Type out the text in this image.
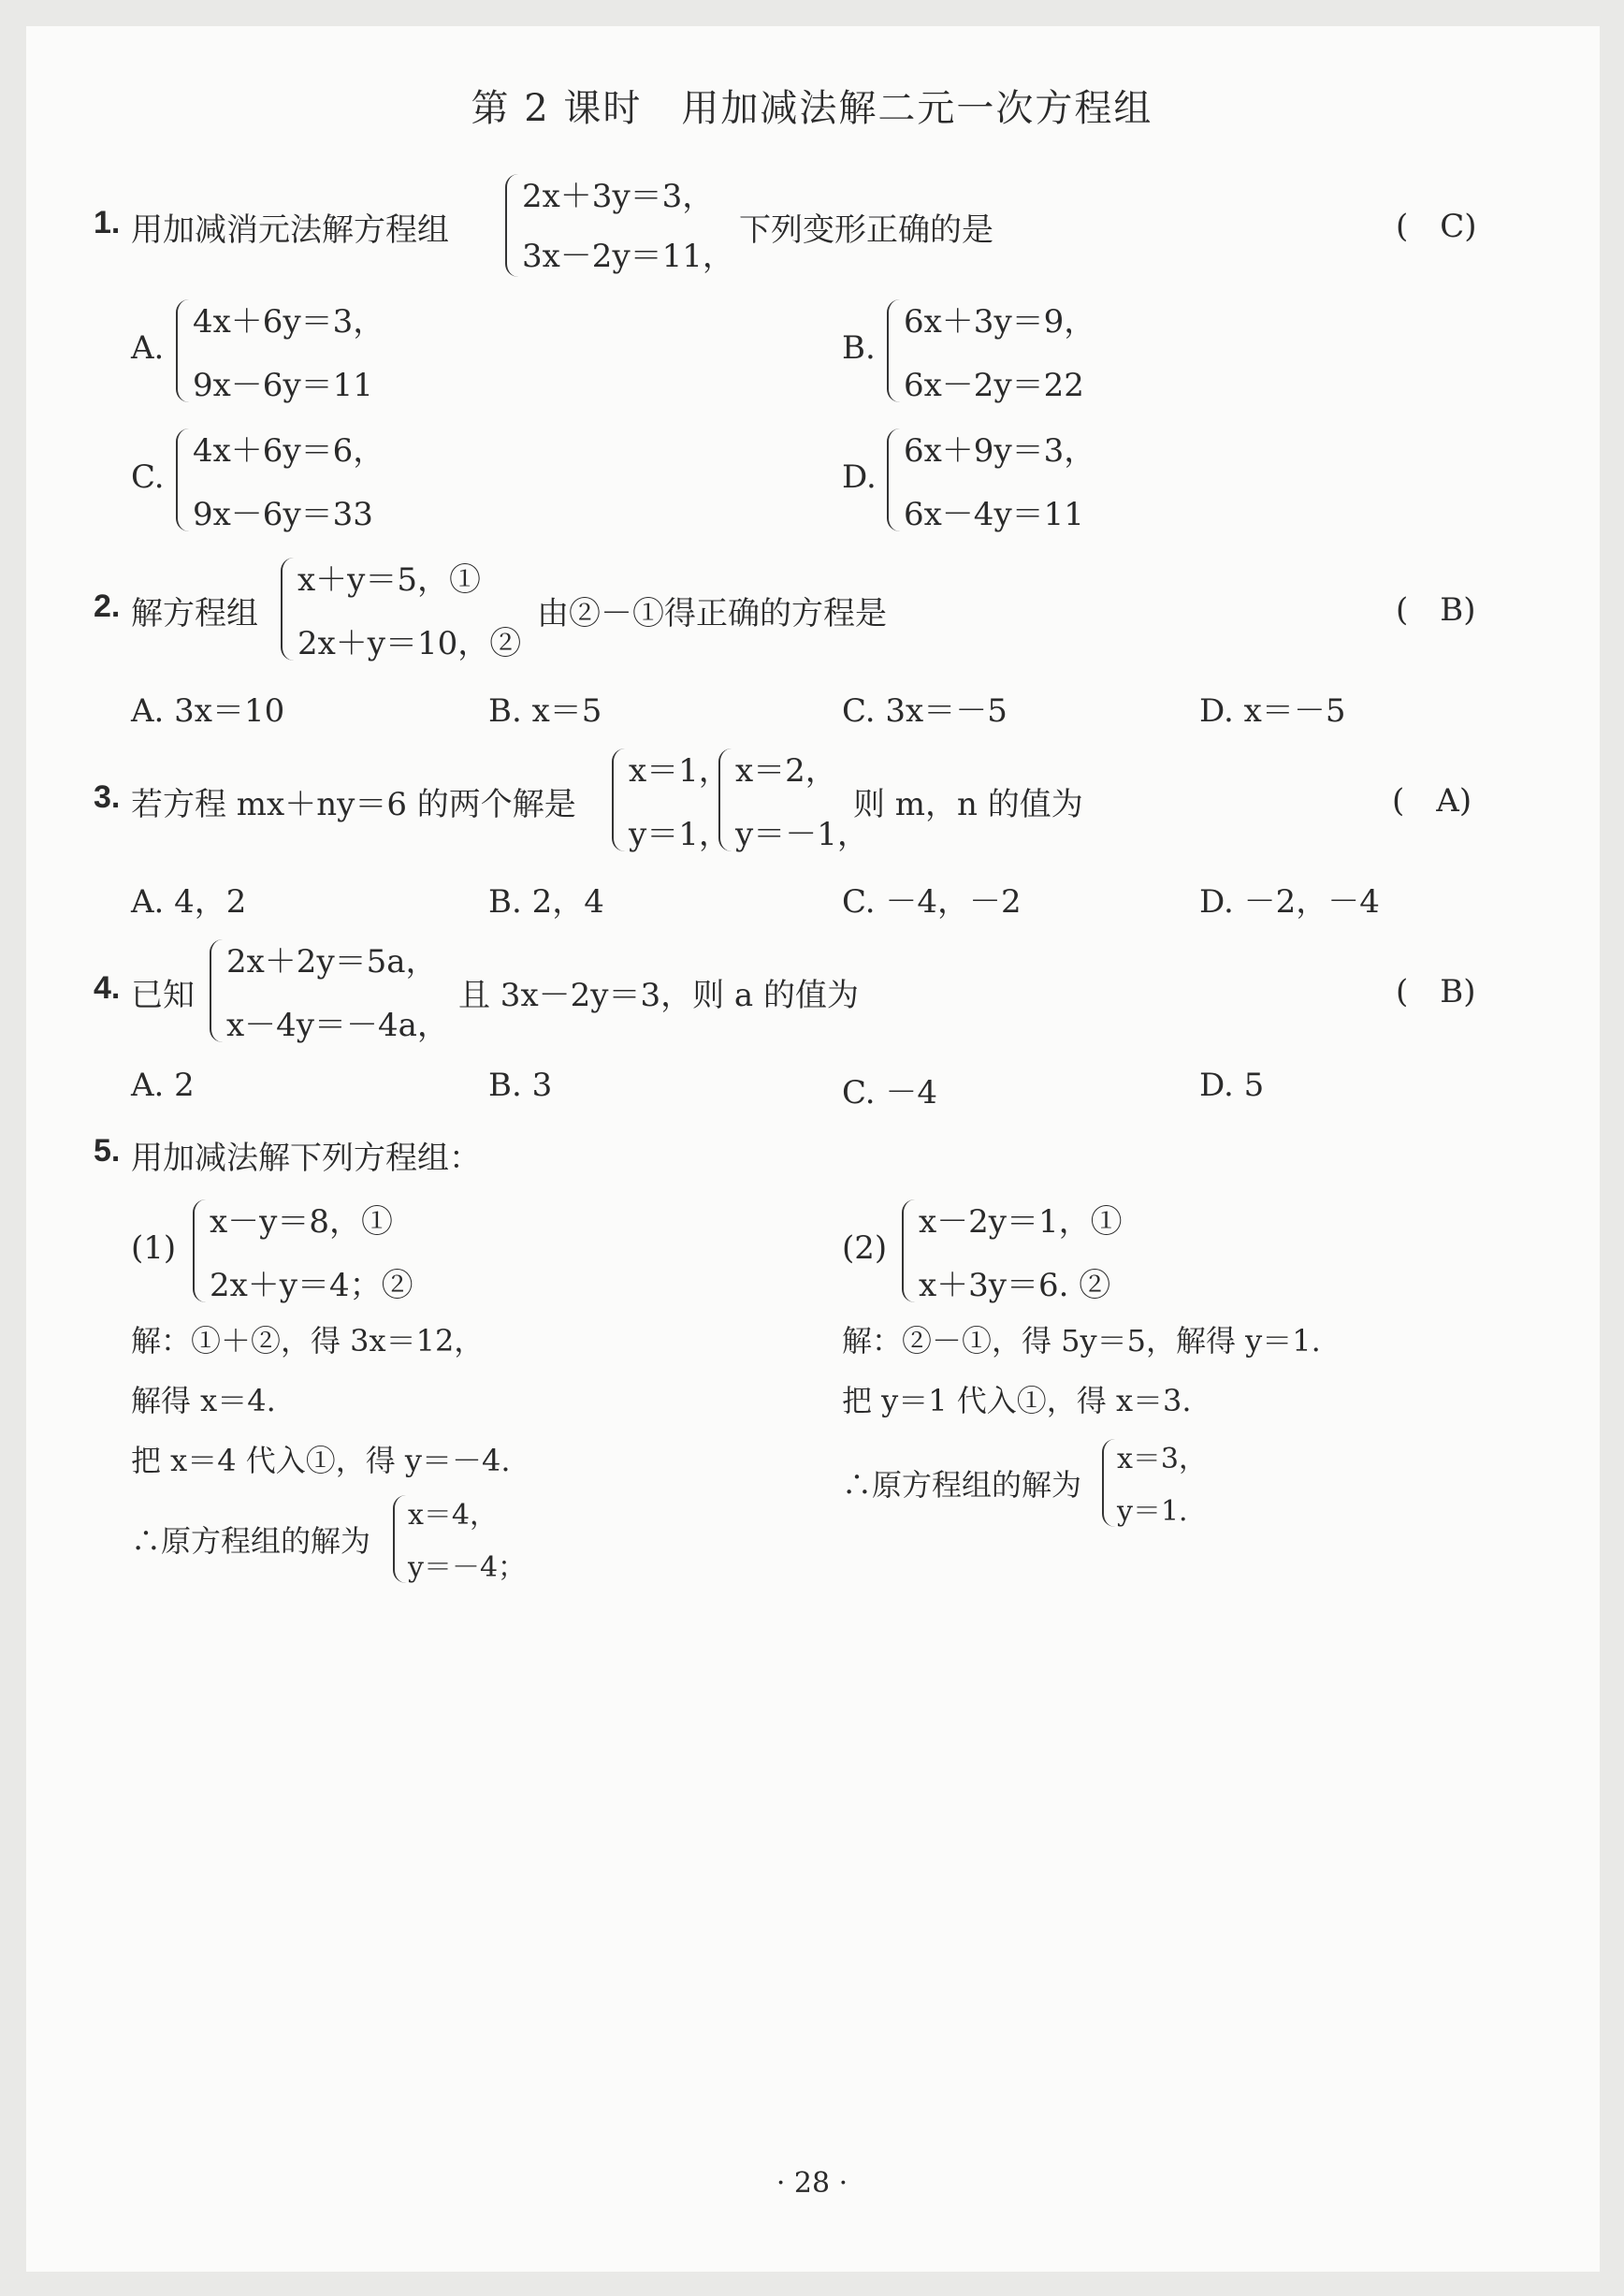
第 2 课时　用加减法解二元一次方程组
1. 用加减消元法解方程组
2x＋3y＝3，
3x－2y＝11，
下列变形正确的是	(C)
A.
4x＋6y＝3，
9x－6y＝11
B.
6x＋3y＝9，
6x－2y＝22
C.
4x＋6y＝6，
9x－6y＝33
D.
6x＋9y＝3，
6x－4y＝11
2. 解方程组
x＋y＝5，①
2x＋y＝10，②
由②－①得正确的方程是	(B)
A. 3x＝10	B. x＝5	C. 3x＝－5	D. x＝－5
3. 若方程 mx＋ny＝6 的两个解是
x＝1，
y＝1，
x＝2，
y＝－1，
则 m，n 的值为	(A)
A. 4，2	B. 2，4	C. －4，－2	D. －2，－4
4. 已知
2x＋2y＝5a，
x－4y＝－4a，
且 3x－2y＝3，则 a 的值为	(B)
A. 2	B. 3	C. －4	D. 5
5. 用加减法解下列方程组：
(1)
x－y＝8，①
2x＋y＝4；②
解：①＋②，得 3x＝12，
解得 x＝4.
把 x＝4 代入①，得 y＝－4.
∴原方程组的解为
x＝4，
y＝－4；
(2)
x－2y＝1，①
x＋3y＝6. ②
解：②－①，得 5y＝5，解得 y＝1.
把 y＝1 代入①，得 x＝3.
∴原方程组的解为
x＝3，
y＝1.
· 28 ·
